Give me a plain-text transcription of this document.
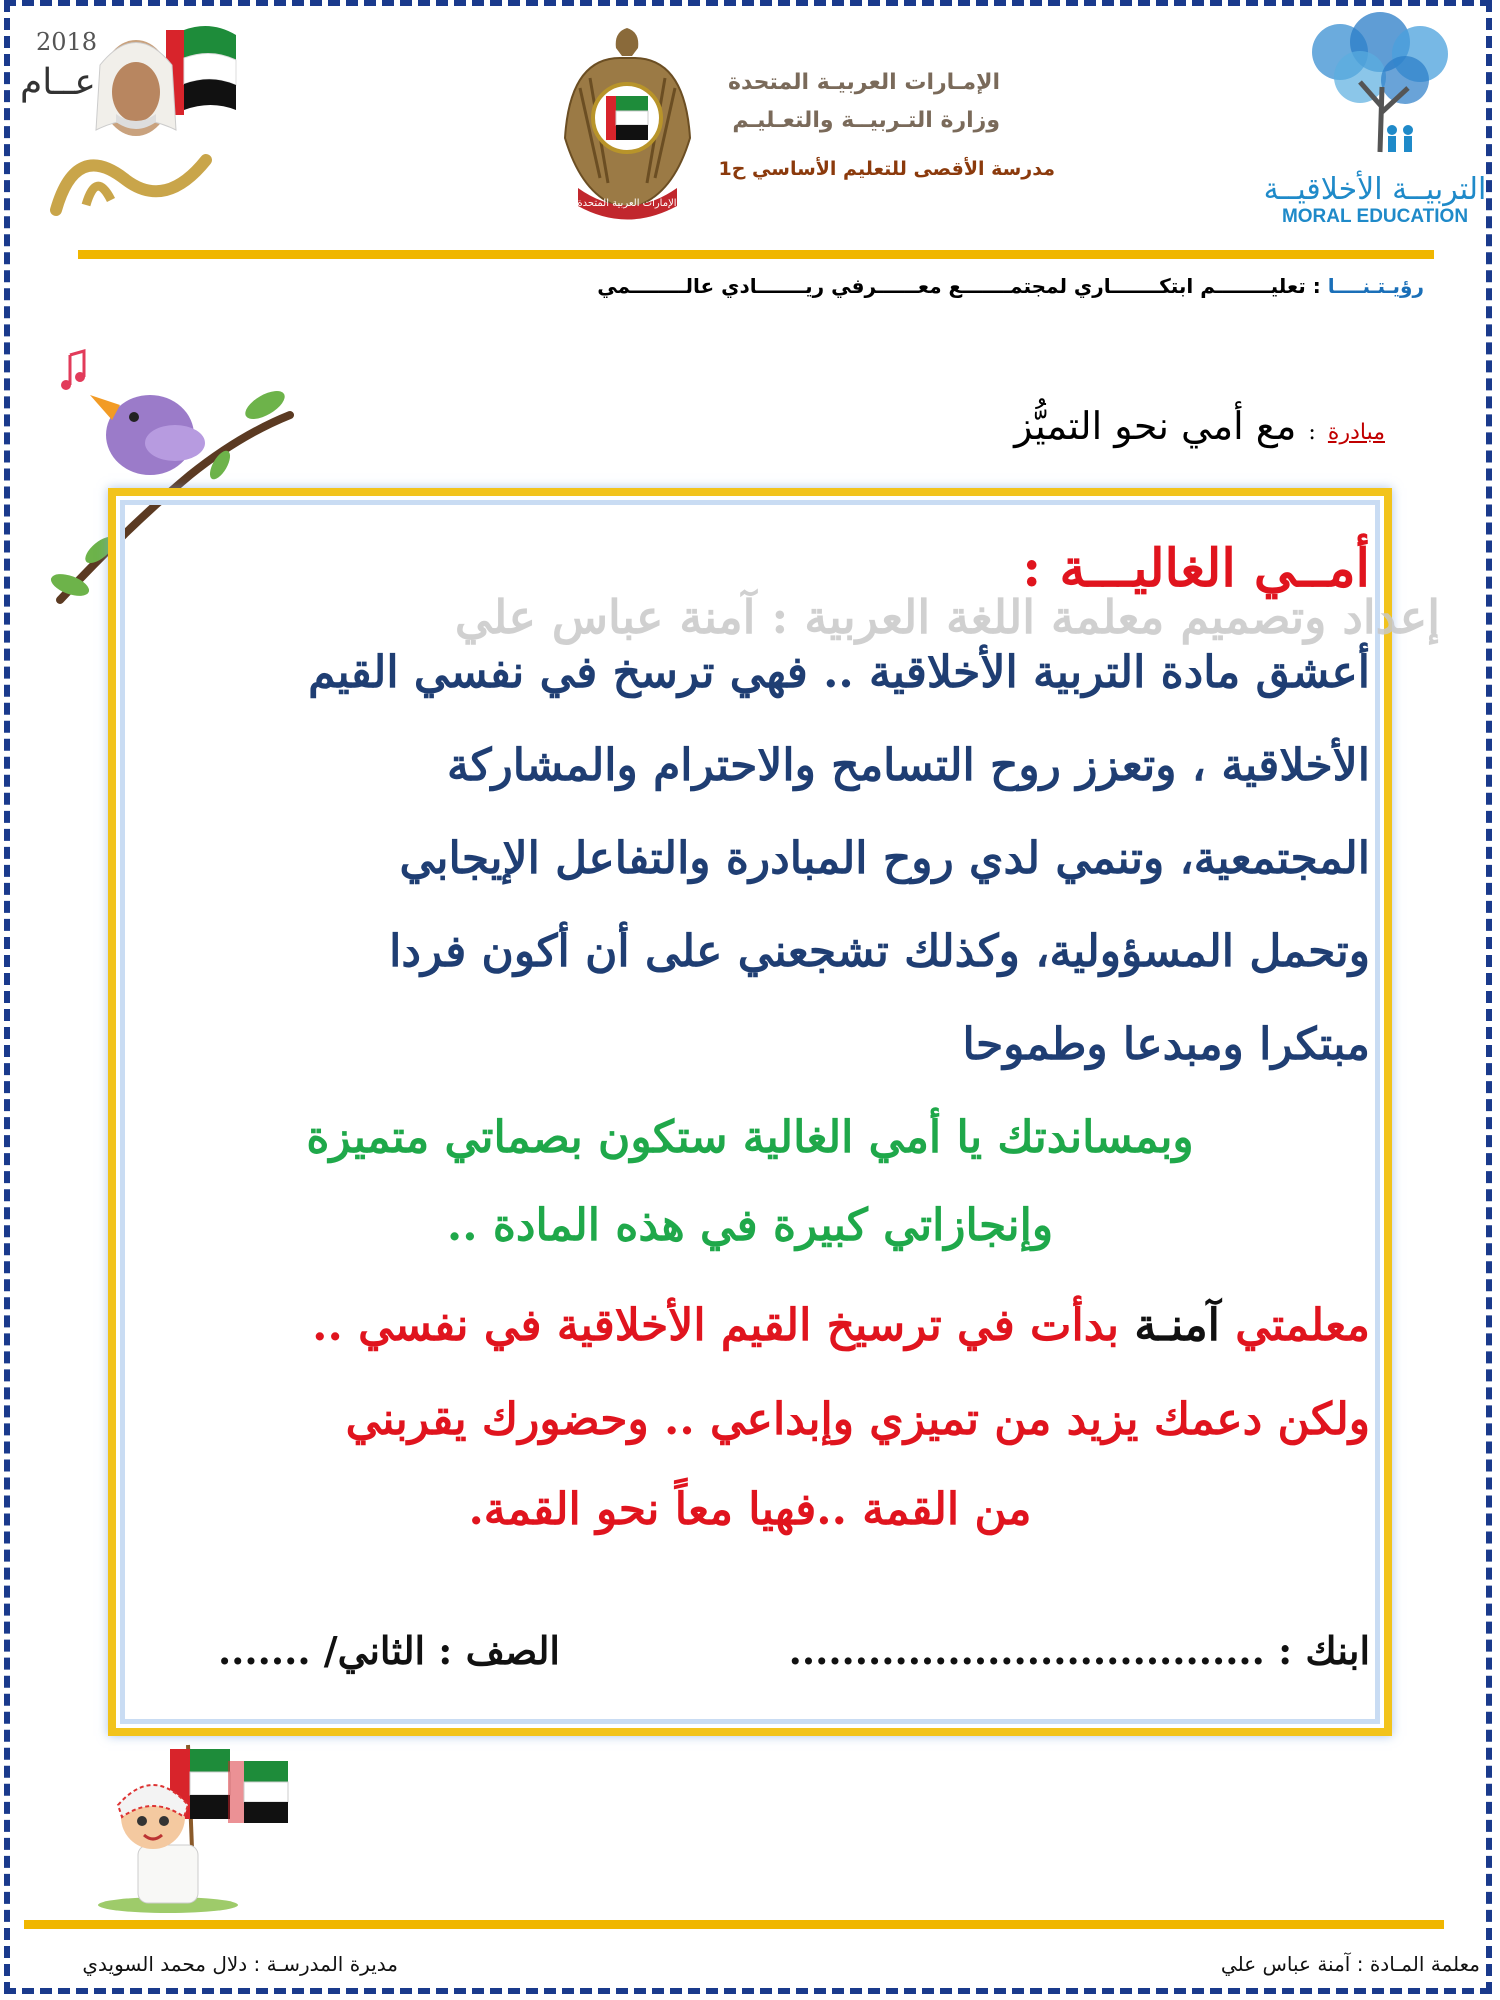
2018
عــام
الإمارات العربية المتحدة
الإمـارات العربيـة المتحدة
وزارة التـربيــة والتعـليـم
مدرسة الأقصى للتعليم الأساسي ح1
التربيــة الأخلاقيــة
MORAL EDUCATION
رؤيـتـنــــا : تعليــــــــم ابتكـــــــاري لمجتمـــــــع معــــــرفي ريـــــــادي عالــــــــمي
مبادرة : مع أمي نحو التميُّز
إعداد وتصميم معلمة اللغة العربية : آمنة عباس علي
أمــي الغاليـــة :
أعشق مادة التربية الأخلاقية .. فهي ترسخ في نفسي القيم
الأخلاقية ، وتعزز روح التسامح والاحترام والمشاركة
المجتمعية، وتنمي لدي روح المبادرة والتفاعل الإيجابي
وتحمل المسؤولية، وكذلك تشجعني على أن أكون فردا
مبتكرا ومبدعا وطموحا
وبمساندتك يا أمي الغالية ستكون بصماتي متميزة
وإنجازاتي كبيرة في هذه المادة ..
معلمتي آمنـة بدأت في ترسيخ القيم الأخلاقية في نفسي ..
ولكن دعمك يزيد من تميزي وإبداعي .. وحضورك يقربني
من القمة ..فهيا معاً نحو القمة.
ابنك : ....................................
الصف : الثاني/ .......
معلمة المـادة : آمنة عباس علي
مديرة المدرسـة : دلال محمد السويدي
